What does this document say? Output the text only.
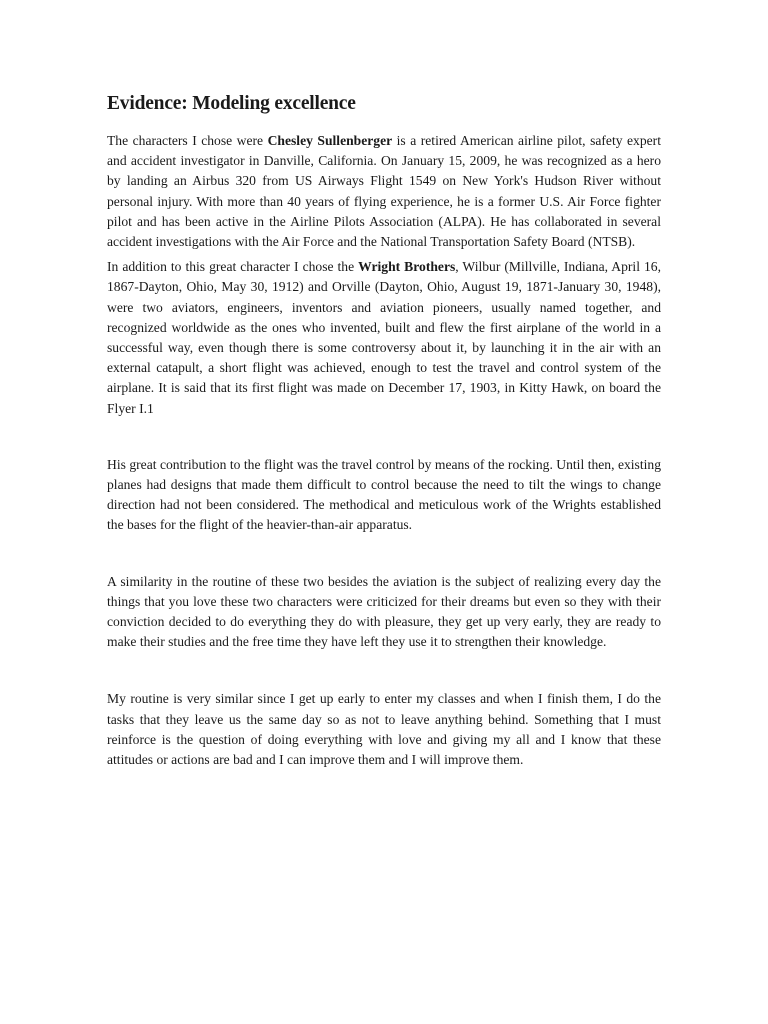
Evidence: Modeling excellence

The characters I chose were Chesley Sullenberger is a retired American airline pilot, safety expert and accident investigator in Danville, California. On January 15, 2009, he was recognized as a hero by landing an Airbus 320 from US Airways Flight 1549 on New York's Hudson River without personal injury. With more than 40 years of flying experience, he is a former U.S. Air Force fighter pilot and has been active in the Airline Pilots Association (ALPA). He has collaborated in several accident investigations with the Air Force and the National Transportation Safety Board (NTSB).

In addition to this great character I chose the Wright Brothers, Wilbur (Millville, Indiana, April 16, 1867-Dayton, Ohio, May 30, 1912) and Orville (Dayton, Ohio, August 19, 1871-January 30, 1948), were two aviators, engineers, inventors and aviation pioneers, usually named together, and recognized worldwide as the ones who invented, built and flew the first airplane of the world in a successful way, even though there is some controversy about it, by launching it in the air with an external catapult, a short flight was achieved, enough to test the travel and control system of the airplane. It is said that its first flight was made on December 17, 1903, in Kitty Hawk, on board the Flyer I.1

His great contribution to the flight was the travel control by means of the rocking. Until then, existing planes had designs that made them difficult to control because the need to tilt the wings to change direction had not been considered. The methodical and meticulous work of the Wrights established the bases for the flight of the heavier-than-air apparatus.

A similarity in the routine of these two besides the aviation is the subject of realizing every day the things that you love these two characters were criticized for their dreams but even so they with their conviction decided to do everything they do with pleasure, they get up very early, they are ready to make their studies and the free time they have left they use it to strengthen their knowledge.

My routine is very similar since I get up early to enter my classes and when I finish them, I do the tasks that they leave us the same day so as not to leave anything behind. Something that I must reinforce is the question of doing everything with love and giving my all and I know that these attitudes or actions are bad and I can improve them and I will improve them.
